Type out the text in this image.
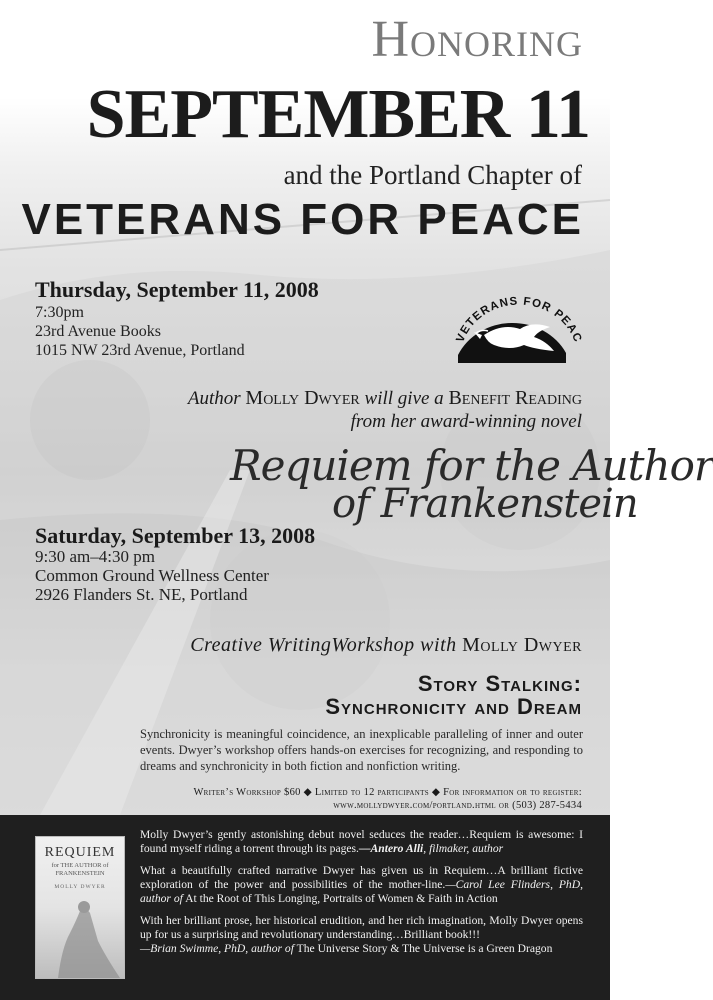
Honoring
SEPTEMBER 11
and the Portland Chapter of
VETERANS FOR PEACE
Thursday, September 11, 2008
7:30pm
23rd Avenue Books
1015 NW 23rd Avenue, Portland
VETERANS FOR PEAC
Author Molly Dwyer will give a Benefit Reading
from her award-winning novel
Requiem for the Author
of Frankenstein
Saturday, September 13, 2008
9:30 am–4:30 pm
Common Ground Wellness Center
2926 Flanders St. NE, Portland
Creative WritingWorkshop with Molly Dwyer
Story Stalking:
Synchronicity and Dream
Synchronicity is meaningful coincidence, an inexplicable paralleling of inner and outer events. Dwyer’s workshop offers hands-on exercises for recognizing, and responding to dreams and synchronicity in both fiction and nonfiction writing.
Writer’s Workshop $60 ◆ Limited to 12 participants ◆ For information or to register:
www.mollydwyer.com/portland.html or (503) 287-5434
REQUIEM
for THE AUTHOR of
FRANKENSTEIN
MOLLY DWYER

Molly Dwyer’s gently astonishing debut novel seduces the reader…Requiem is awesome: I found myself riding a torrent through its pages.—Antero Alli, filmaker, author

What a beautifully crafted narrative Dwyer has given us in Requiem…A brilliant fictive exploration of the power and possibilities of the mother-line.—Carol Lee Flinders, PhD, author of At the Root of This Longing, Portraits of Women & Faith in Action

With her brilliant prose, her historical erudition, and her rich imagination, Molly Dwyer opens up for us a surprising and revolutionary understanding…Brilliant book!!!
—Brian Swimme, PhD, author of The Universe Story & The Universe is a Green Dragon
